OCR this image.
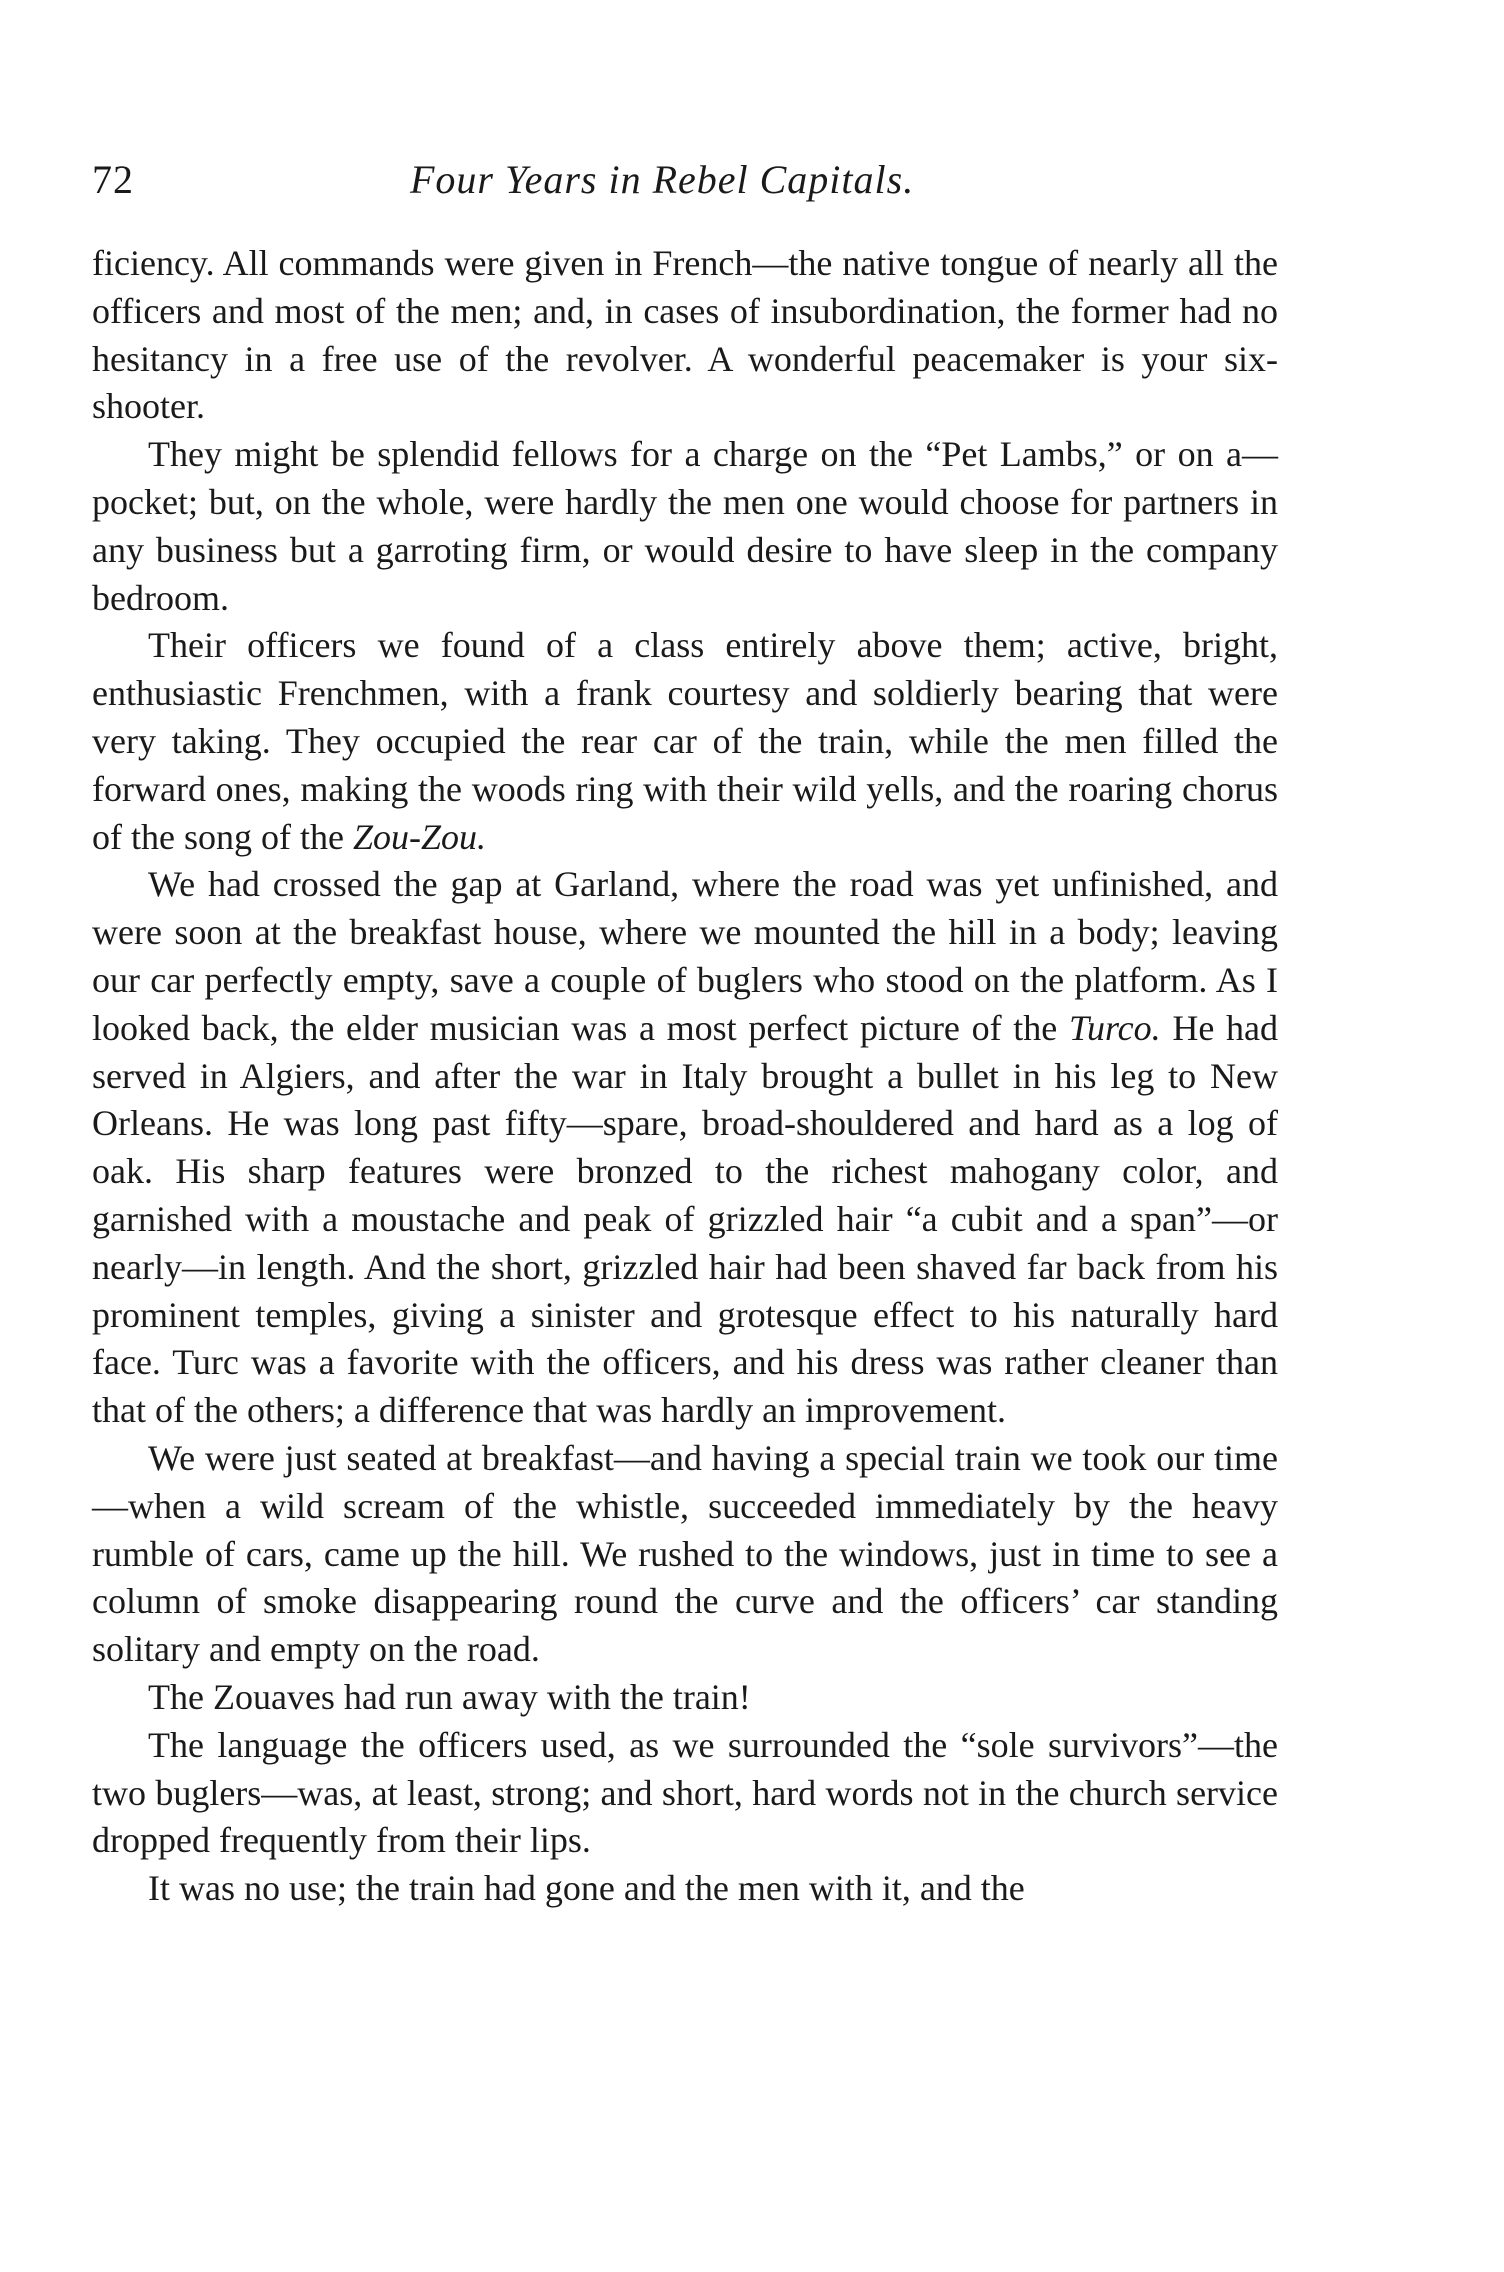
72	Four Years in Rebel Capitals.

ficiency. All commands were given in French—the native tongue of nearly all the officers and most of the men; and, in cases of insubordination, the former had no hesitancy in a free use of the revolver. A wonderful peacemaker is your six-shooter.

They might be splendid fellows for a charge on the “Pet Lambs,” or on a—pocket; but, on the whole, were hardly the men one would choose for partners in any business but a garroting firm, or would desire to have sleep in the company bedroom.

Their officers we found of a class entirely above them; active, bright, enthusiastic Frenchmen, with a frank courtesy and soldierly bearing that were very taking. They occupied the rear car of the train, while the men filled the forward ones, making the woods ring with their wild yells, and the roaring chorus of the song of the Zou-Zou.

We had crossed the gap at Garland, where the road was yet unfinished, and were soon at the breakfast house, where we mounted the hill in a body; leaving our car perfectly empty, save a couple of buglers who stood on the platform. As I looked back, the elder musician was a most perfect picture of the Turco. He had served in Algiers, and after the war in Italy brought a bullet in his leg to New Orleans. He was long past fifty—spare, broad-shouldered and hard as a log of oak. His sharp features were bronzed to the richest mahogany color, and garnished with a moustache and peak of grizzled hair “a cubit and a span”—or nearly—in length. And the short, grizzled hair had been shaved far back from his prominent temples, giving a sinister and grotesque effect to his naturally hard face. Turc was a favorite with the officers, and his dress was rather cleaner than that of the others; a difference that was hardly an improvement.

We were just seated at breakfast—and having a special train we took our time—when a wild scream of the whistle, succeeded immediately by the heavy rumble of cars, came up the hill. We rushed to the windows, just in time to see a column of smoke disappearing round the curve and the officers’ car standing solitary and empty on the road.

The Zouaves had run away with the train!

The language the officers used, as we surrounded the “sole survivors”—the two buglers—was, at least, strong; and short, hard words not in the church service dropped frequently from their lips.

It was no use; the train had gone and the men with it, and the
